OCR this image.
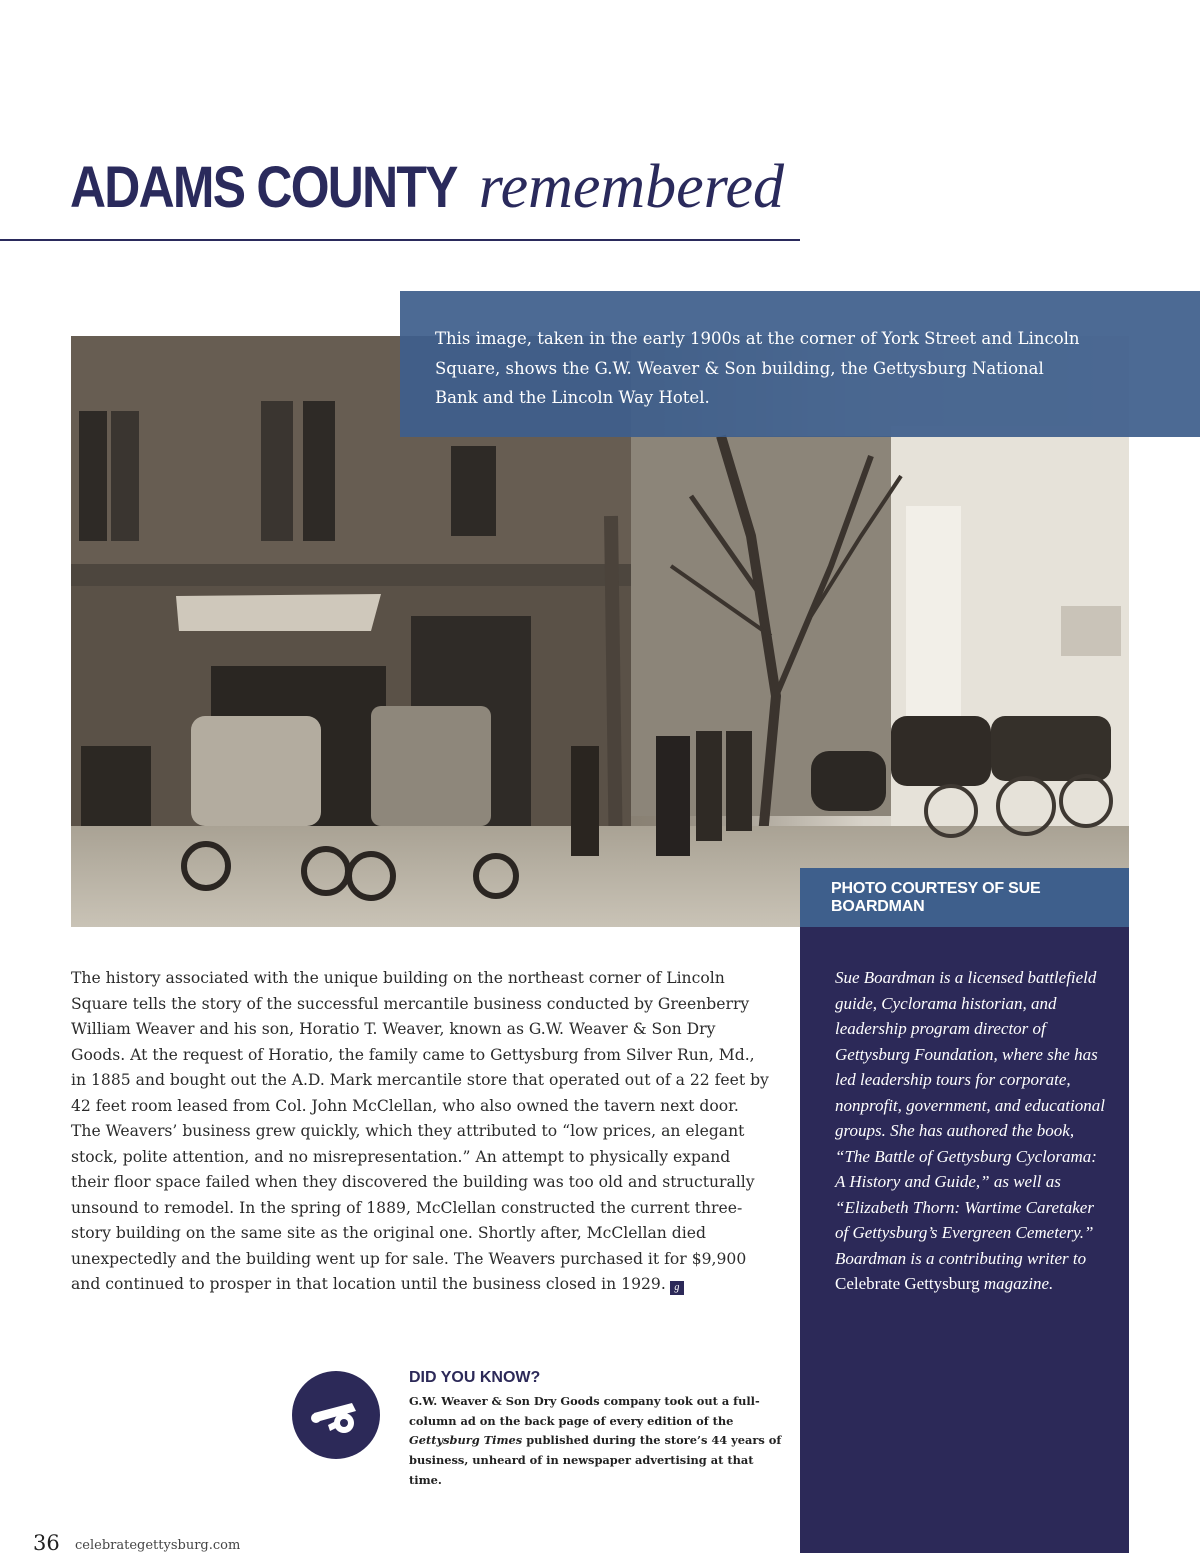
ADAMS COUNTY remembered

This image, taken in the early 1900s at the corner of York Street and Lincoln Square, shows the G.W. Weaver & Son building, the Gettysburg National Bank and the Lincoln Way Hotel.

PHOTO COURTESY OF SUE BOARDMAN

Sue Boardman is a licensed battlefield guide, Cyclorama historian, and leadership program director of Gettysburg Foundation, where she has led leadership tours for corporate, nonprofit, government, and educational groups. She has authored the book, “The Battle of Gettysburg Cyclorama: A History and Guide,” as well as “Elizabeth Thorn: Wartime Caretaker of Gettysburg’s Evergreen Cemetery.” Boardman is a contributing writer to Celebrate Gettysburg magazine.

The history associated with the unique building on the northeast corner of Lincoln Square tells the story of the successful mercantile business conducted by Greenberry William Weaver and his son, Horatio T. Weaver, known as G.W. Weaver & Son Dry Goods. At the request of Horatio, the family came to Gettysburg from Silver Run, Md., in 1885 and bought out the A.D. Mark mercantile store that operated out of a 22 feet by 42 feet room leased from Col. John McClellan, who also owned the tavern next door. The Weavers’ business grew quickly, which they attributed to “low prices, an elegant stock, polite attention, and no misrepresentation.” An attempt to physically expand their floor space failed when they discovered the building was too old and structurally unsound to remodel. In the spring of 1889, McClellan constructed the current three-story building on the same site as the original one. Shortly after, McClellan died unexpectedly and the building went up for sale. The Weavers purchased it for $9,900 and continued to prosper in that location until the business closed in 1929. g
DID YOU KNOW?

G.W. Weaver & Son Dry Goods company took out a full-column ad on the back page of every edition of the Gettysburg Times published during the store’s 44 years of business, unheard of in newspaper advertising at that time.

36 celebrategettysburg.com
